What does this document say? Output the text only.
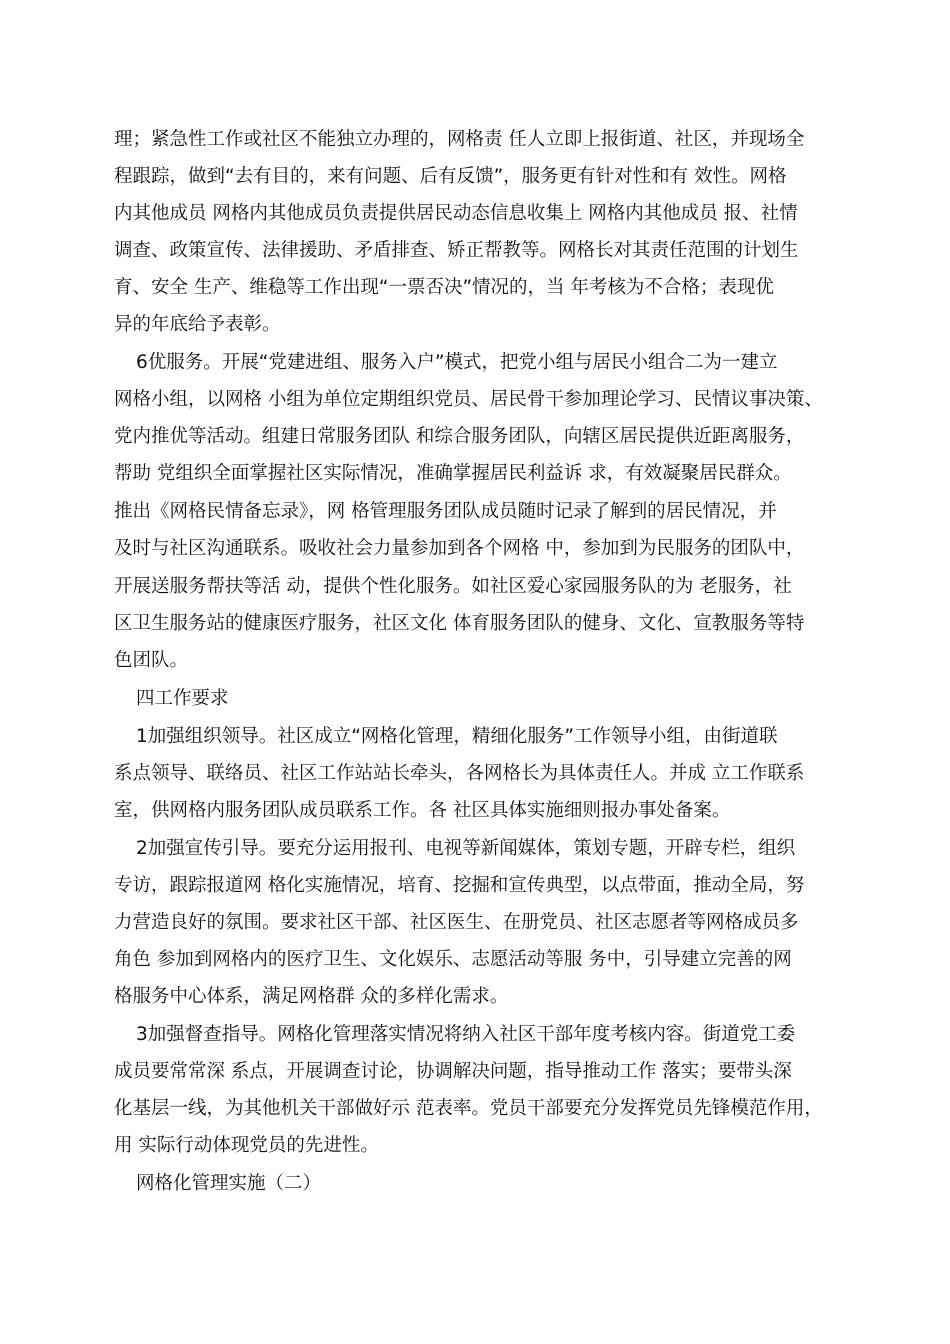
理；紧急性工作或社区不能独立办理的，网格责 任人立即上报街道、社区，并现场全
程跟踪，做到“去有目的，来有问题、后有反馈”，服务更有针对性和有 效性。网格
内其他成员 网格内其他成员负责提供居民动态信息收集上 网格内其他成员 报、社情
调查、政策宣传、法律援助、矛盾排查、矫正帮教等。网格长对其责任范围的计划生
育、安全 生产、维稳等工作出现“一票否决”情况的，当 年考核为不合格；表现优
异的年底给予表彰。
6优服务。开展“党建进组、服务入户”模式，把党小组与居民小组合二为一建立
网格小组，以网格 小组为单位定期组织党员、居民骨干参加理论学习、民情议事决策、
党内推优等活动。组建日常服务团队 和综合服务团队，向辖区居民提供近距离服务，
帮助 党组织全面掌握社区实际情况，准确掌握居民利益诉 求，有效凝聚居民群众。
推出《网格民情备忘录》，网 格管理服务团队成员随时记录了解到的居民情况，并
及时与社区沟通联系。吸收社会力量参加到各个网格 中，参加到为民服务的团队中，
开展送服务帮扶等活 动，提供个性化服务。如社区爱心家园服务队的为 老服务，社
区卫生服务站的健康医疗服务，社区文化 体育服务团队的健身、文化、宣教服务等特
色团队。
四工作要求
1加强组织领导。社区成立“网格化管理，精细化服务”工作领导小组，由街道联
系点领导、联络员、社区工作站站长牵头，各网格长为具体责任人。并成 立工作联系
室，供网格内服务团队成员联系工作。各 社区具体实施细则报办事处备案。
2加强宣传引导。要充分运用报刊、电视等新闻媒体，策划专题，开辟专栏，组织
专访，跟踪报道网 格化实施情况，培育、挖掘和宣传典型，以点带面，推动全局，努
力营造良好的氛围。要求社区干部、社区医生、在册党员、社区志愿者等网格成员多
角色 参加到网格内的医疗卫生、文化娱乐、志愿活动等服 务中，引导建立完善的网
格服务中心体系，满足网格群 众的多样化需求。
3加强督查指导。网格化管理落实情况将纳入社区干部年度考核内容。街道党工委
成员要常常深 系点，开展调查讨论，协调解决问题，指导推动工作 落实；要带头深
化基层一线，为其他机关干部做好示 范表率。党员干部要充分发挥党员先锋模范作用，
用 实际行动体现党员的先进性。
网格化管理实施（二）
